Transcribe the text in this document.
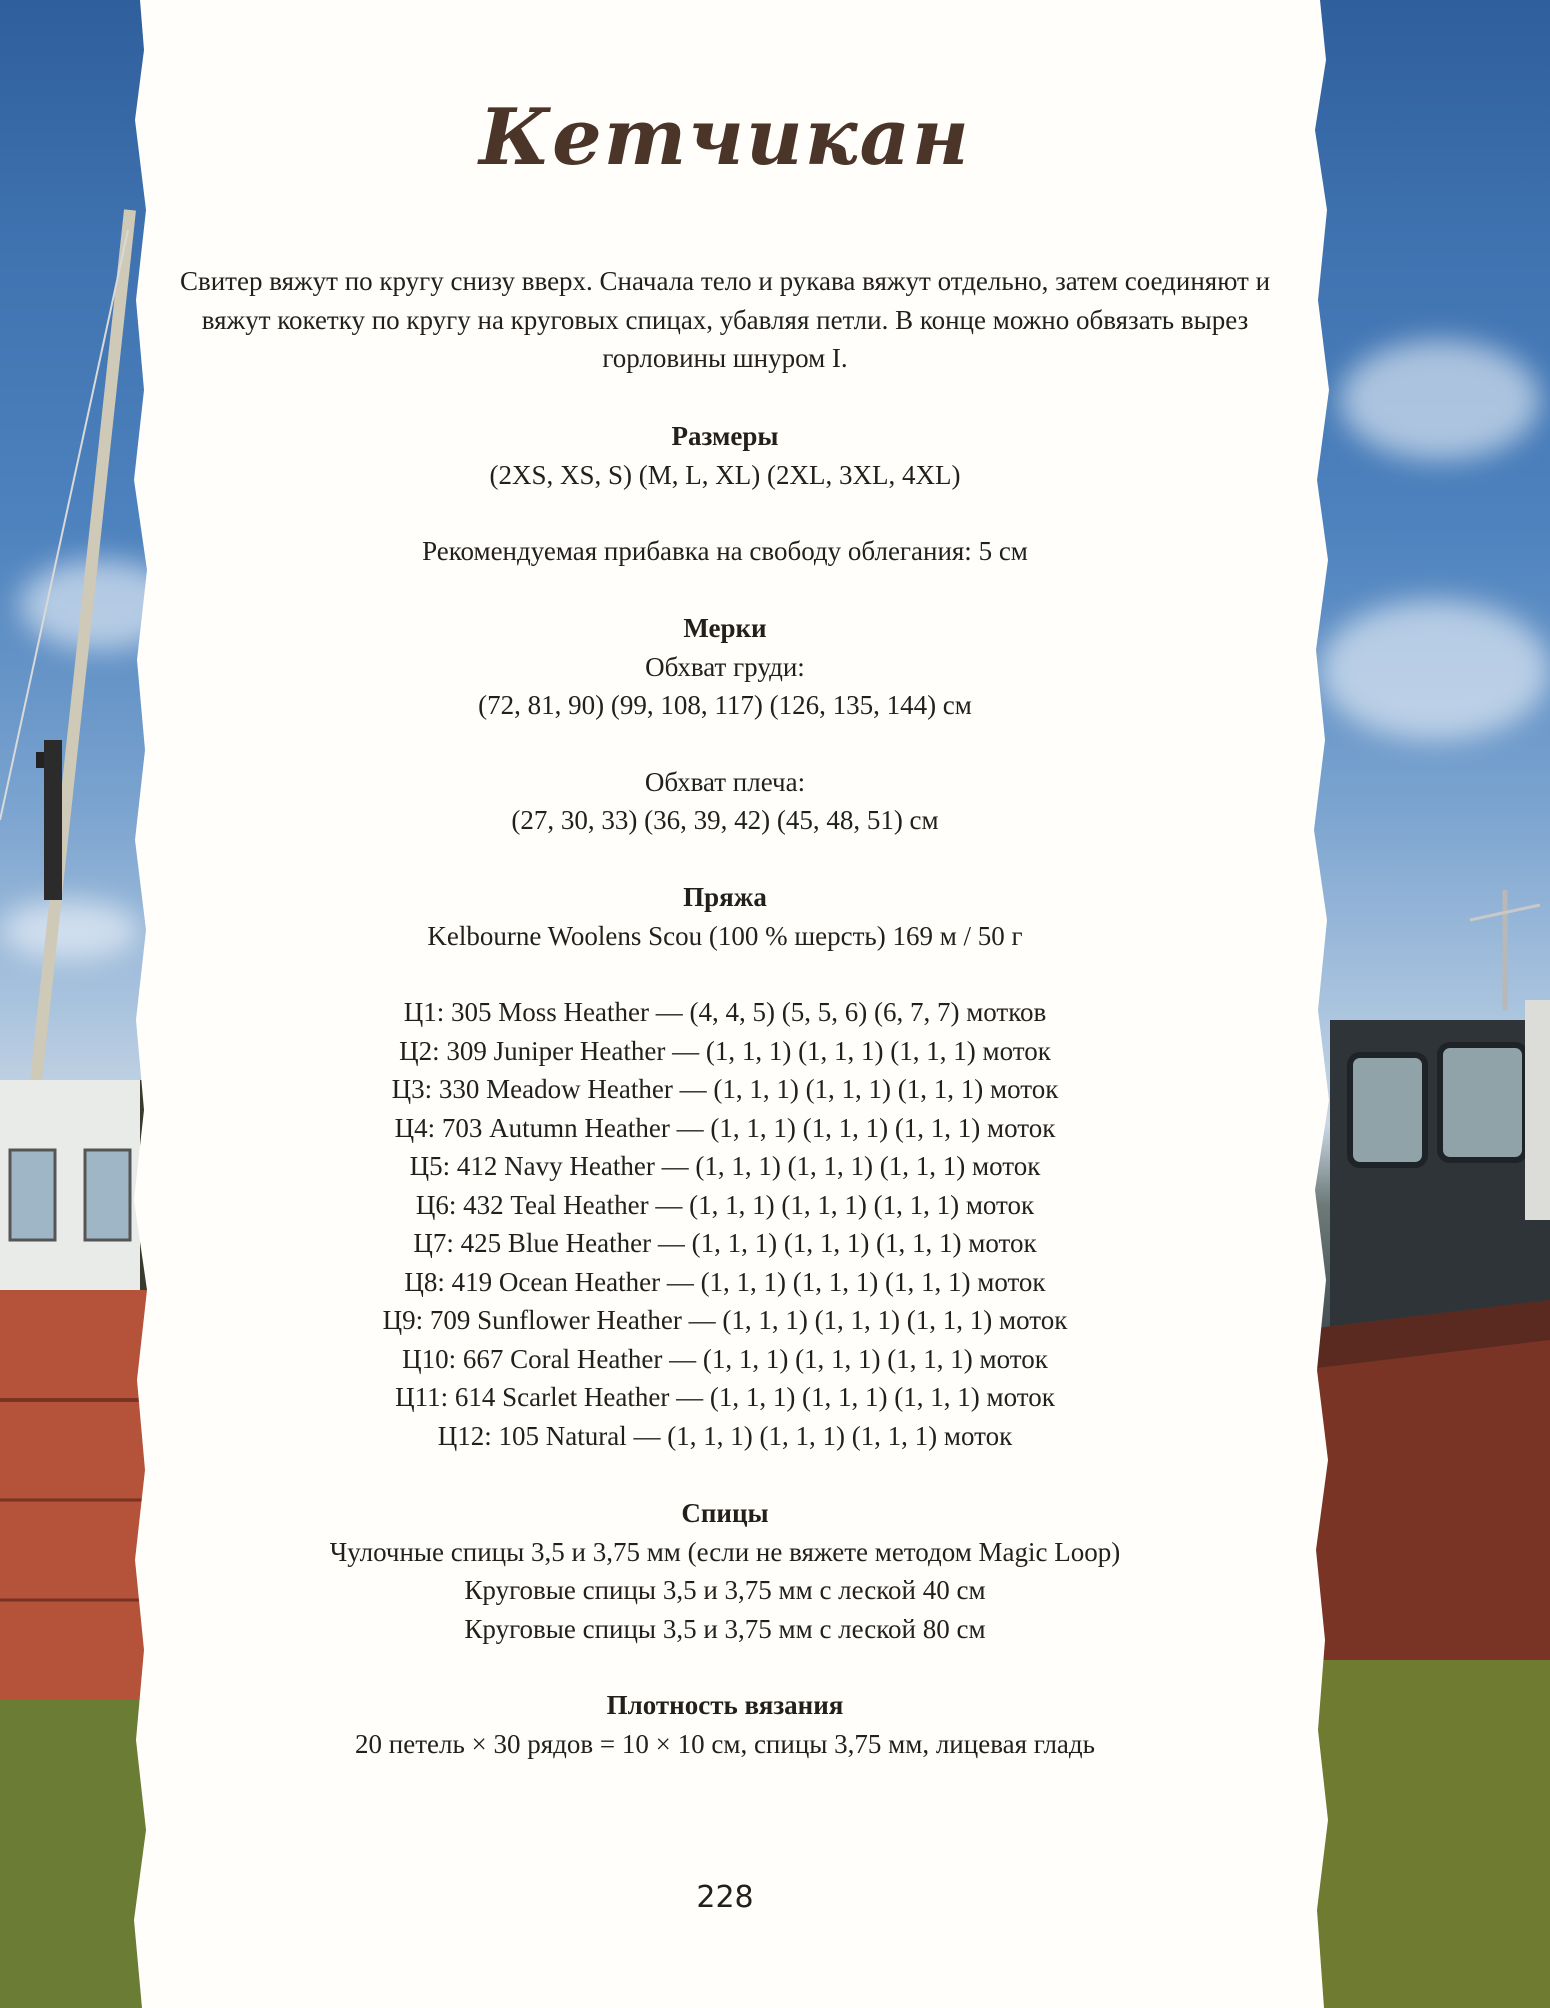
Кетчикан
Свитер вяжут по кругу снизу вверх. Сначала тело и рукава вяжут отдельно, затем соединяют и вяжут кокетку по кругу на круговых спицах, убавляя петли. В конце можно обвязать вырез горловины шнуром I.
Размеры
(2XS, XS, S) (M, L, XL) (2XL, 3XL, 4XL)
Рекомендуемая прибавка на свободу облегания: 5 см
Мерки
Обхват груди:
(72, 81, 90) (99, 108, 117) (126, 135, 144) см
Обхват плеча:
(27, 30, 33) (36, 39, 42) (45, 48, 51) см
Пряжа
Kelbourne Woolens Scou (100 % шерсть) 169 м / 50 г
Ц1: 305 Moss Heather — (4, 4, 5) (5, 5, 6) (6, 7, 7) мотков
Ц2: 309 Juniper Heather — (1, 1, 1) (1, 1, 1) (1, 1, 1) моток
Ц3: 330 Meadow Heather — (1, 1, 1) (1, 1, 1) (1, 1, 1) моток
Ц4: 703 Autumn Heather — (1, 1, 1) (1, 1, 1) (1, 1, 1) моток
Ц5: 412 Navy Heather — (1, 1, 1) (1, 1, 1) (1, 1, 1) моток
Ц6: 432 Teal Heather — (1, 1, 1) (1, 1, 1) (1, 1, 1) моток
Ц7: 425 Blue Heather — (1, 1, 1) (1, 1, 1) (1, 1, 1) моток
Ц8: 419 Ocean Heather — (1, 1, 1) (1, 1, 1) (1, 1, 1) моток
Ц9: 709 Sunflower Heather — (1, 1, 1) (1, 1, 1) (1, 1, 1) моток
Ц10: 667 Coral Heather — (1, 1, 1) (1, 1, 1) (1, 1, 1) моток
Ц11: 614 Scarlet Heather — (1, 1, 1) (1, 1, 1) (1, 1, 1) моток
Ц12: 105 Natural — (1, 1, 1) (1, 1, 1) (1, 1, 1) моток
Спицы
Чулочные спицы 3,5 и 3,75 мм (если не вяжете методом Magic Loop)
Круговые спицы 3,5 и 3,75 мм с леской 40 см
Круговые спицы 3,5 и 3,75 мм с леской 80 см
Плотность вязания
20 петель × 30 рядов = 10 × 10 см, спицы 3,75 мм, лицевая гладь
228
